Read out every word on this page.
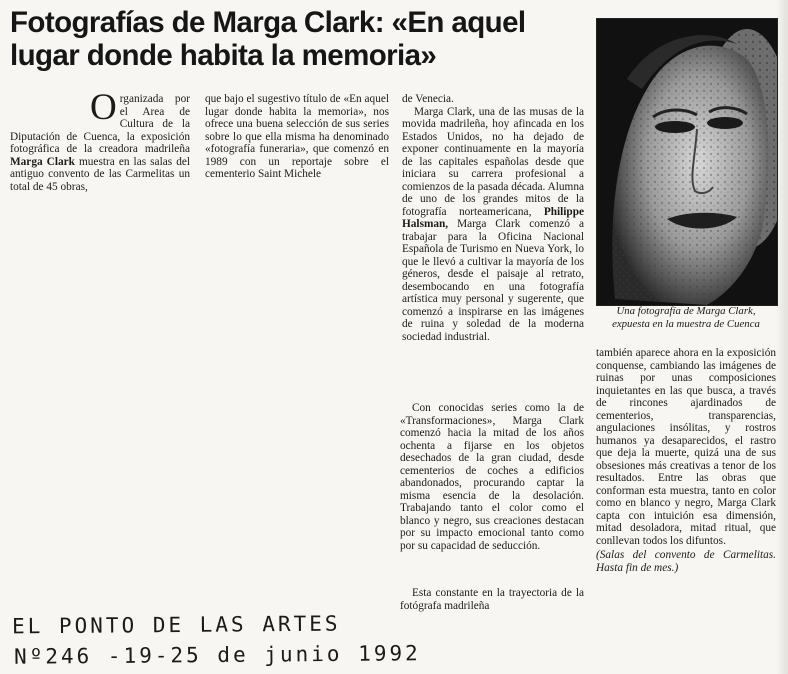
Fotografías de Marga Clark: «En aquel lugar donde habita la memoria»

Organizada por el Area de Cultura de la Diputación de Cuenca, la exposición fotográfica de la creadora madrileña Marga Clark muestra en las salas del antiguo convento de las Carmelitas un total de 45 obras,

que bajo el sugestivo título de «En aquel lugar donde habita la memoria», nos ofrece una buena selección de sus series sobre lo que ella misma ha denominado «fotografía funeraria», que comenzó en 1989 con un reportaje sobre el cementerio Saint Michele

de Venecia.

Marga Clark, una de las musas de la movida madrileña, hoy afincada en los Estados Unidos, no ha dejado de exponer continuamente en la mayoría de las capitales españolas desde que iniciara su carrera profesional a comienzos de la pasada década. Alumna de uno de los grandes mitos de la fotografía norteamericana, Philippe Halsman, Marga Clark comenzó a trabajar para la Oficina Nacional Española de Turismo en Nueva York, lo que le llevó a cultivar la mayoría de los géneros, desde el paisaje al retrato, desembocando en una fotografía artística muy personal y sugerente, que comenzó a inspirarse en las imágenes de ruina y soledad de la moderna sociedad industrial.

Con conocidas series como la de «Transformaciones», Marga Clark comenzó hacia la mitad de los años ochenta a fijarse en los objetos desechados de la gran ciudad, desde cementerios de coches a edificios abandonados, procurando captar la misma esencia de la desolación. Trabajando tanto el color como el blanco y negro, sus creaciones destacan por su impacto emocional tanto como por su capacidad de seducción.

Esta constante en la trayectoria de la fotógrafa madrileña

Una fotografía de Marga Clark,
expuesta en la muestra de Cuenca

también aparece ahora en la exposición conquense, cambiando las imágenes de ruinas por unas composiciones inquietantes en las que busca, a través de rincones ajardinados de cementerios, transparencias, angulaciones insólitas, y rostros humanos ya desaparecidos, el rastro que deja la muerte, quizá una de sus obsesiones más creativas a tenor de los resultados. Entre las obras que conforman esta muestra, tanto en color como en blanco y negro, Marga Clark capta con intuición esa dimensión, mitad desoladora, mitad ritual, que conllevan todos los difuntos.

(Salas del convento de Carmelitas. Hasta fin de mes.)

EL PONTO DE LAS ARTES
Nº246 -19-25 de junio 1992
